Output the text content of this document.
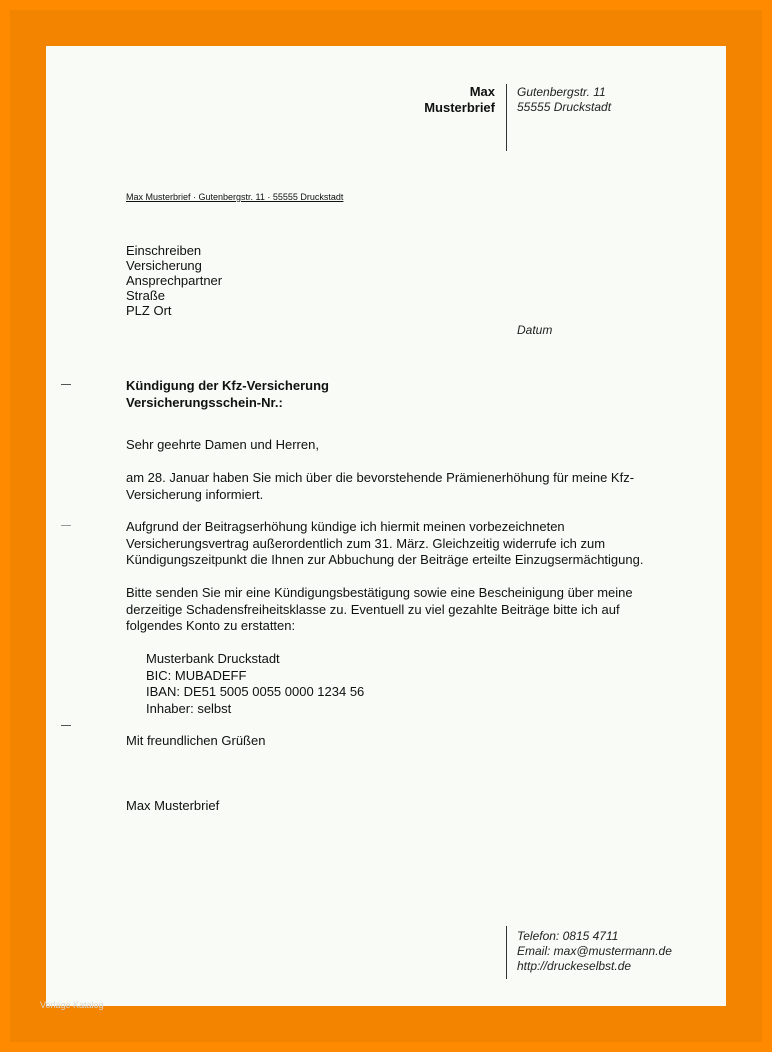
Max
Musterbrief
Gutenbergstr. 11
55555 Druckstadt
Max Musterbrief · Gutenbergstr. 11 · 55555 Druckstadt
Einschreiben
Versicherung
Ansprechpartner
Straße
PLZ Ort
Datum
Kündigung der Kfz-Versicherung
Versicherungsschein-Nr.:
Sehr geehrte Damen und Herren,
am 28. Januar haben Sie mich über die bevorstehende Prämienerhöhung für meine Kfz-
Versicherung informiert.
Aufgrund der Beitragserhöhung kündige ich hiermit meinen vorbezeichneten
Versicherungsvertrag außerordentlich zum 31. März. Gleichzeitig widerrufe ich zum
Kündigungszeitpunkt die Ihnen zur Abbuchung der Beiträge erteilte Einzugsermächtigung.
Bitte senden Sie mir eine Kündigungsbestätigung sowie eine Bescheinigung über meine
derzeitige Schadensfreiheitsklasse zu. Eventuell zu viel gezahlte Beiträge bitte ich auf
folgendes Konto zu erstatten:
Musterbank Druckstadt
BIC: MUBADEFF
IBAN: DE51 5005 0055 0000 1234 56
Inhaber: selbst
Mit freundlichen Grüßen
Max Musterbrief
Telefon: 0815 4711
Email: max@mustermann.de
http://druckeselbst.de
Vorlage Katalog
